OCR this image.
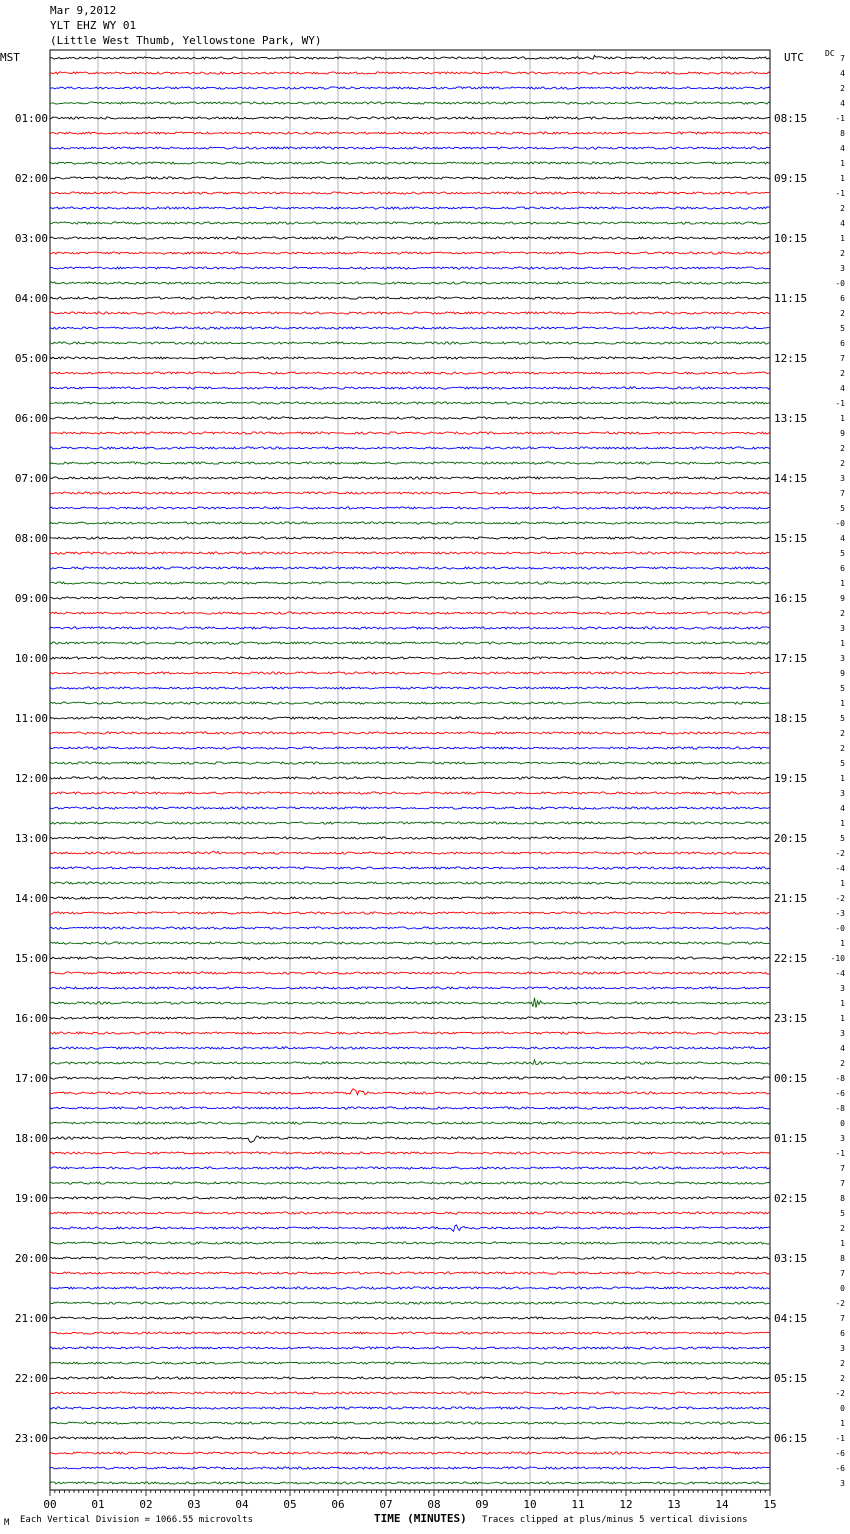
Mar 9,2012
YLT EHZ WY 01
(Little West Thumb, Yellowstone Park, WY)
MST	UTC	DC
01:00	08:15
02:00	09:15
03:00	10:15
04:00	11:15
05:00	12:15
06:00	13:15
07:00	14:15
08:00	15:15
09:00	16:15
10:00	17:15
11:00	18:15
12:00	19:15
13:00	20:15
14:00	21:15
15:00	22:15
16:00	23:15
17:00	00:15
18:00	01:15
19:00	02:15
20:00	03:15
21:00	04:15
22:00	05:15
23:00	06:15
7
4
2
4
-1
8
4
1
1
-1
2
4
1
2
3
-0
6
2
5
6
7
2
4
-1
1
9
2
2
3
7
5
-0
4
5
6
1
9
2
3
1
3
9
5
1
5
2
2
5
1
3
4
1
5
-2
-4
1
-2
-3
-0
1
-10
-4
3
1
1
3
4
2
-8
-6
-8
0
3
-1
7
7
8
5
2
1
8
7
0
-2
7
6
3
2
2
-2
0
1
-1
-6
-6
3
00	01	02	03	04	05	06	07	08	09	10	11	12	13	14	15
M Each Vertical Division = 1066.55 microvolts	TIME (MINUTES) Traces clipped at plus/minus 5 vertical divisions
